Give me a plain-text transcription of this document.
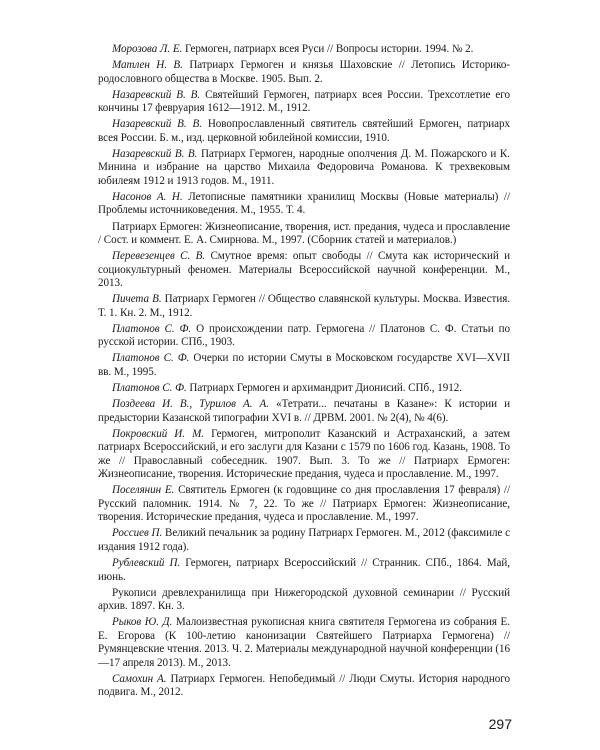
Морозова Л. Е. Гермоген, патриарх всея Руси // Вопросы истории. 1994. № 2.

Матлен Н. В. Патриарх Гермоген и князья Шаховские // Летопись Историко-родословного общества в Москве. 1905. Вып. 2.

Назаревский В. В. Святейший Гермоген, патриарх всея России. Трехсотлетие его кончины 17 февруария 1612—1912. М., 1912.

Назаревский В. В. Новопрославленный святитель святейший Ермоген, патриарх всея России. Б. м., изд. церковной юбилейной комиссии, 1910.

Назаревский В. В. Патриарх Гермоген, народные ополчения Д. М. Пожарского и К. Минина и избрание на царство Михаила Федоровича Романова. К трехвековым юбилеям 1912 и 1913 годов. М., 1911.

Насонов А. Н. Летописные памятники хранилищ Москвы (Новые материалы) // Проблемы источниковедения. М., 1955. Т. 4.

Патриарх Ермоген: Жизнеописание, творения, ист. предания, чудеса и прославление / Сост. и коммент. Е. А. Смирнова. М., 1997. (Сборник статей и материалов.)

Перевезенцев С. В. Смутное время: опыт свободы // Смута как исторический и социокультурный феномен. Материалы Всероссийской научной конференции. М., 2013.

Пичета В. Патриарх Гермоген // Общество славянской культуры. Москва. Известия. Т. 1. Кн. 2. М., 1912.

Платонов С. Ф. О происхождении патр. Гермогена // Платонов С. Ф. Статьи по русской истории. СПб., 1903.

Платонов С. Ф. Очерки по истории Смуты в Московском государстве XVI—XVII вв. М., 1995.

Платонов С. Ф. Патриарх Гермоген и архимандрит Дионисий. СПб., 1912.

Поздеева И. В., Турилов А. А. «Тетрати... печатаны в Казане»: К истории и предыстории Казанской типографии XVI в. // ДРВМ. 2001. № 2(4), № 4(6).

Покровский И. М. Гермоген, митрополит Казанский и Астраханский, а затем патриарх Всероссийский, и его заслуги для Казани с 1579 по 1606 год. Казань, 1908. То же // Православный собеседник. 1907. Вып. 3. То же // Патриарх Ермоген: Жизнеописание, творения. Исторические предания, чудеса и прославление. М., 1997.

Поселянин Е. Святитель Ермоген (к годовщине со дня прославления 17 февраля) // Русский паломник. 1914. № 7, 22. То же // Патриарх Ермоген: Жизнеописание, творения. Исторические предания, чудеса и прославление. М., 1997.

Россиев П. Великий печальник за родину Патриарх Гермоген. М., 2012 (факсимиле с издания 1912 года).

Рублевский П. Гермоген, патриарх Всероссийский // Странник. СПб., 1864. Май, июнь.

Рукописи древлехранилища при Нижегородской духовной семинарии // Русский архив. 1897. Кн. 3.

Рыков Ю. Д. Малоизвестная рукописная книга святителя Гермогена из собрания Е. Е. Егорова (К 100-летию канонизации Святейшего Патриарха Гермогена) // Румянцевские чтения. 2013. Ч. 2. Материалы международной научной конференции (16—17 апреля 2013). М., 2013.

Самохин А. Патриарх Гермоген. Непобедимый // Люди Смуты. История народного подвига. М., 2012.

297
